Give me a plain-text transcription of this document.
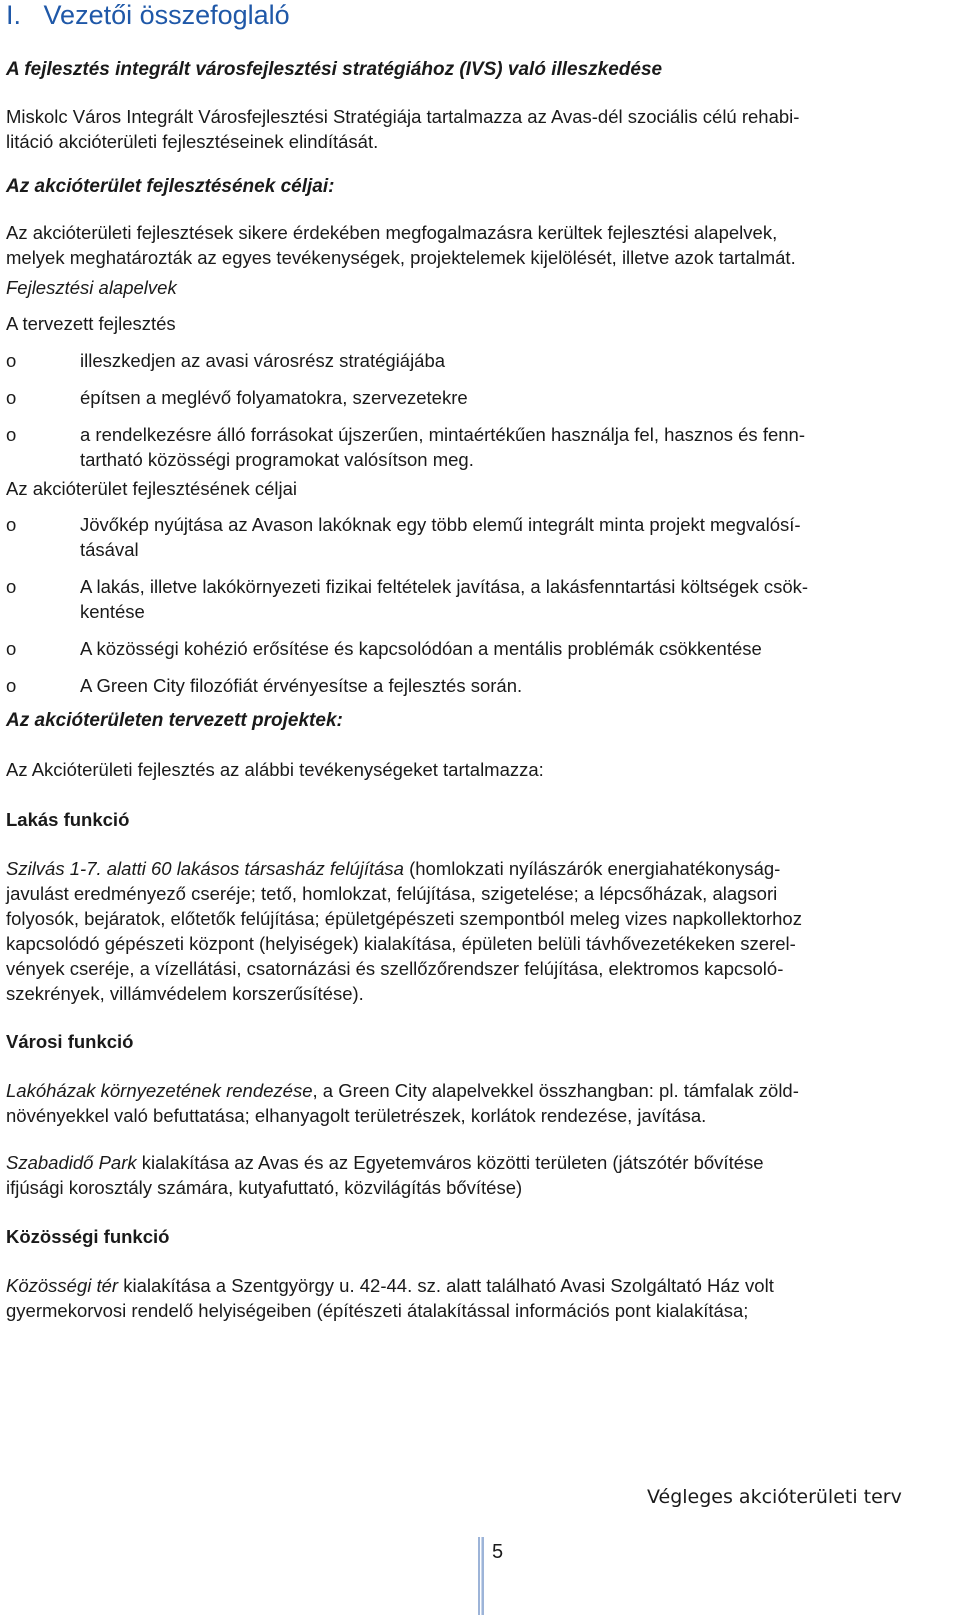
I. Vezetői összefoglaló
A fejlesztés integrált városfejlesztési stratégiához (IVS) való illeszkedése

Miskolc Város Integrált Városfejlesztési Stratégiája tartalmazza az Avas-dél szociális célú rehabi-

litáció akcióterületi fejlesztéseinek elindítását.

Az akcióterület fejlesztésének céljai:

Az akcióterületi fejlesztések sikere érdekében megfogalmazásra kerültek fejlesztési alapelvek,

melyek meghatározták az egyes tevékenységek, projektelemek kijelölését, illetve azok tartalmát.

Fejlesztési alapelvek

A tervezett fejlesztés

o	illeszkedjen az avasi városrész stratégiájába
o	építsen a meglévő folyamatokra, szervezetekre
o	a rendelkezésre álló forrásokat újszerűen, mintaértékűen használja fel, hasznos és fenn-
tartható közösségi programokat valósítson meg.

Az akcióterület fejlesztésének céljai

o	Jövőkép nyújtása az Avason lakóknak egy több elemű integrált minta projekt megvalósí-
tásával
o	A lakás, illetve lakókörnyezeti fizikai feltételek javítása, a lakásfenntartási költségek csök-
kentése
o	A közösségi kohézió erősítése és kapcsolódóan a mentális problémák csökkentése
o	A Green City filozófiát érvényesítse a fejlesztés során.
Az akcióterületen tervezett projektek:

Az Akcióterületi fejlesztés az alábbi tevékenységeket tartalmazza:

Lakás funkció

Szilvás 1-7. alatti 60 lakásos társasház felújítása (homlokzati nyílászárók energiahatékonyság-

javulást eredményező cseréje; tető, homlokzat, felújítása, szigetelése; a lépcsőházak, alagsori

folyosók, bejáratok, előtetők felújítása; épületgépészeti szempontból meleg vizes napkollektorhoz

kapcsolódó gépészeti központ (helyiségek) kialakítása, épületen belüli távhővezetékeken szerel-

vények cseréje, a vízellátási, csatornázási és szellőzőrendszer felújítása, elektromos kapcsoló-

szekrények, villámvédelem korszerűsítése).

Városi funkció

Lakóházak környezetének rendezése, a Green City alapelvekkel összhangban: pl. támfalak zöld-

növényekkel való befuttatása; elhanyagolt területrészek, korlátok rendezése, javítása.

Szabadidő Park kialakítása az Avas és az Egyetemváros közötti területen (játszótér bővítése

ifjúsági korosztály számára, kutyafuttató, közvilágítás bővítése)

Közösségi funkció

Közösségi tér kialakítása a Szentgyörgy u. 42-44. sz. alatt található Avasi Szolgáltató Ház volt

gyermekorvosi rendelő helyiségeiben (építészeti átalakítással információs pont kialakítása;

Végleges akcióterületi terv
5
